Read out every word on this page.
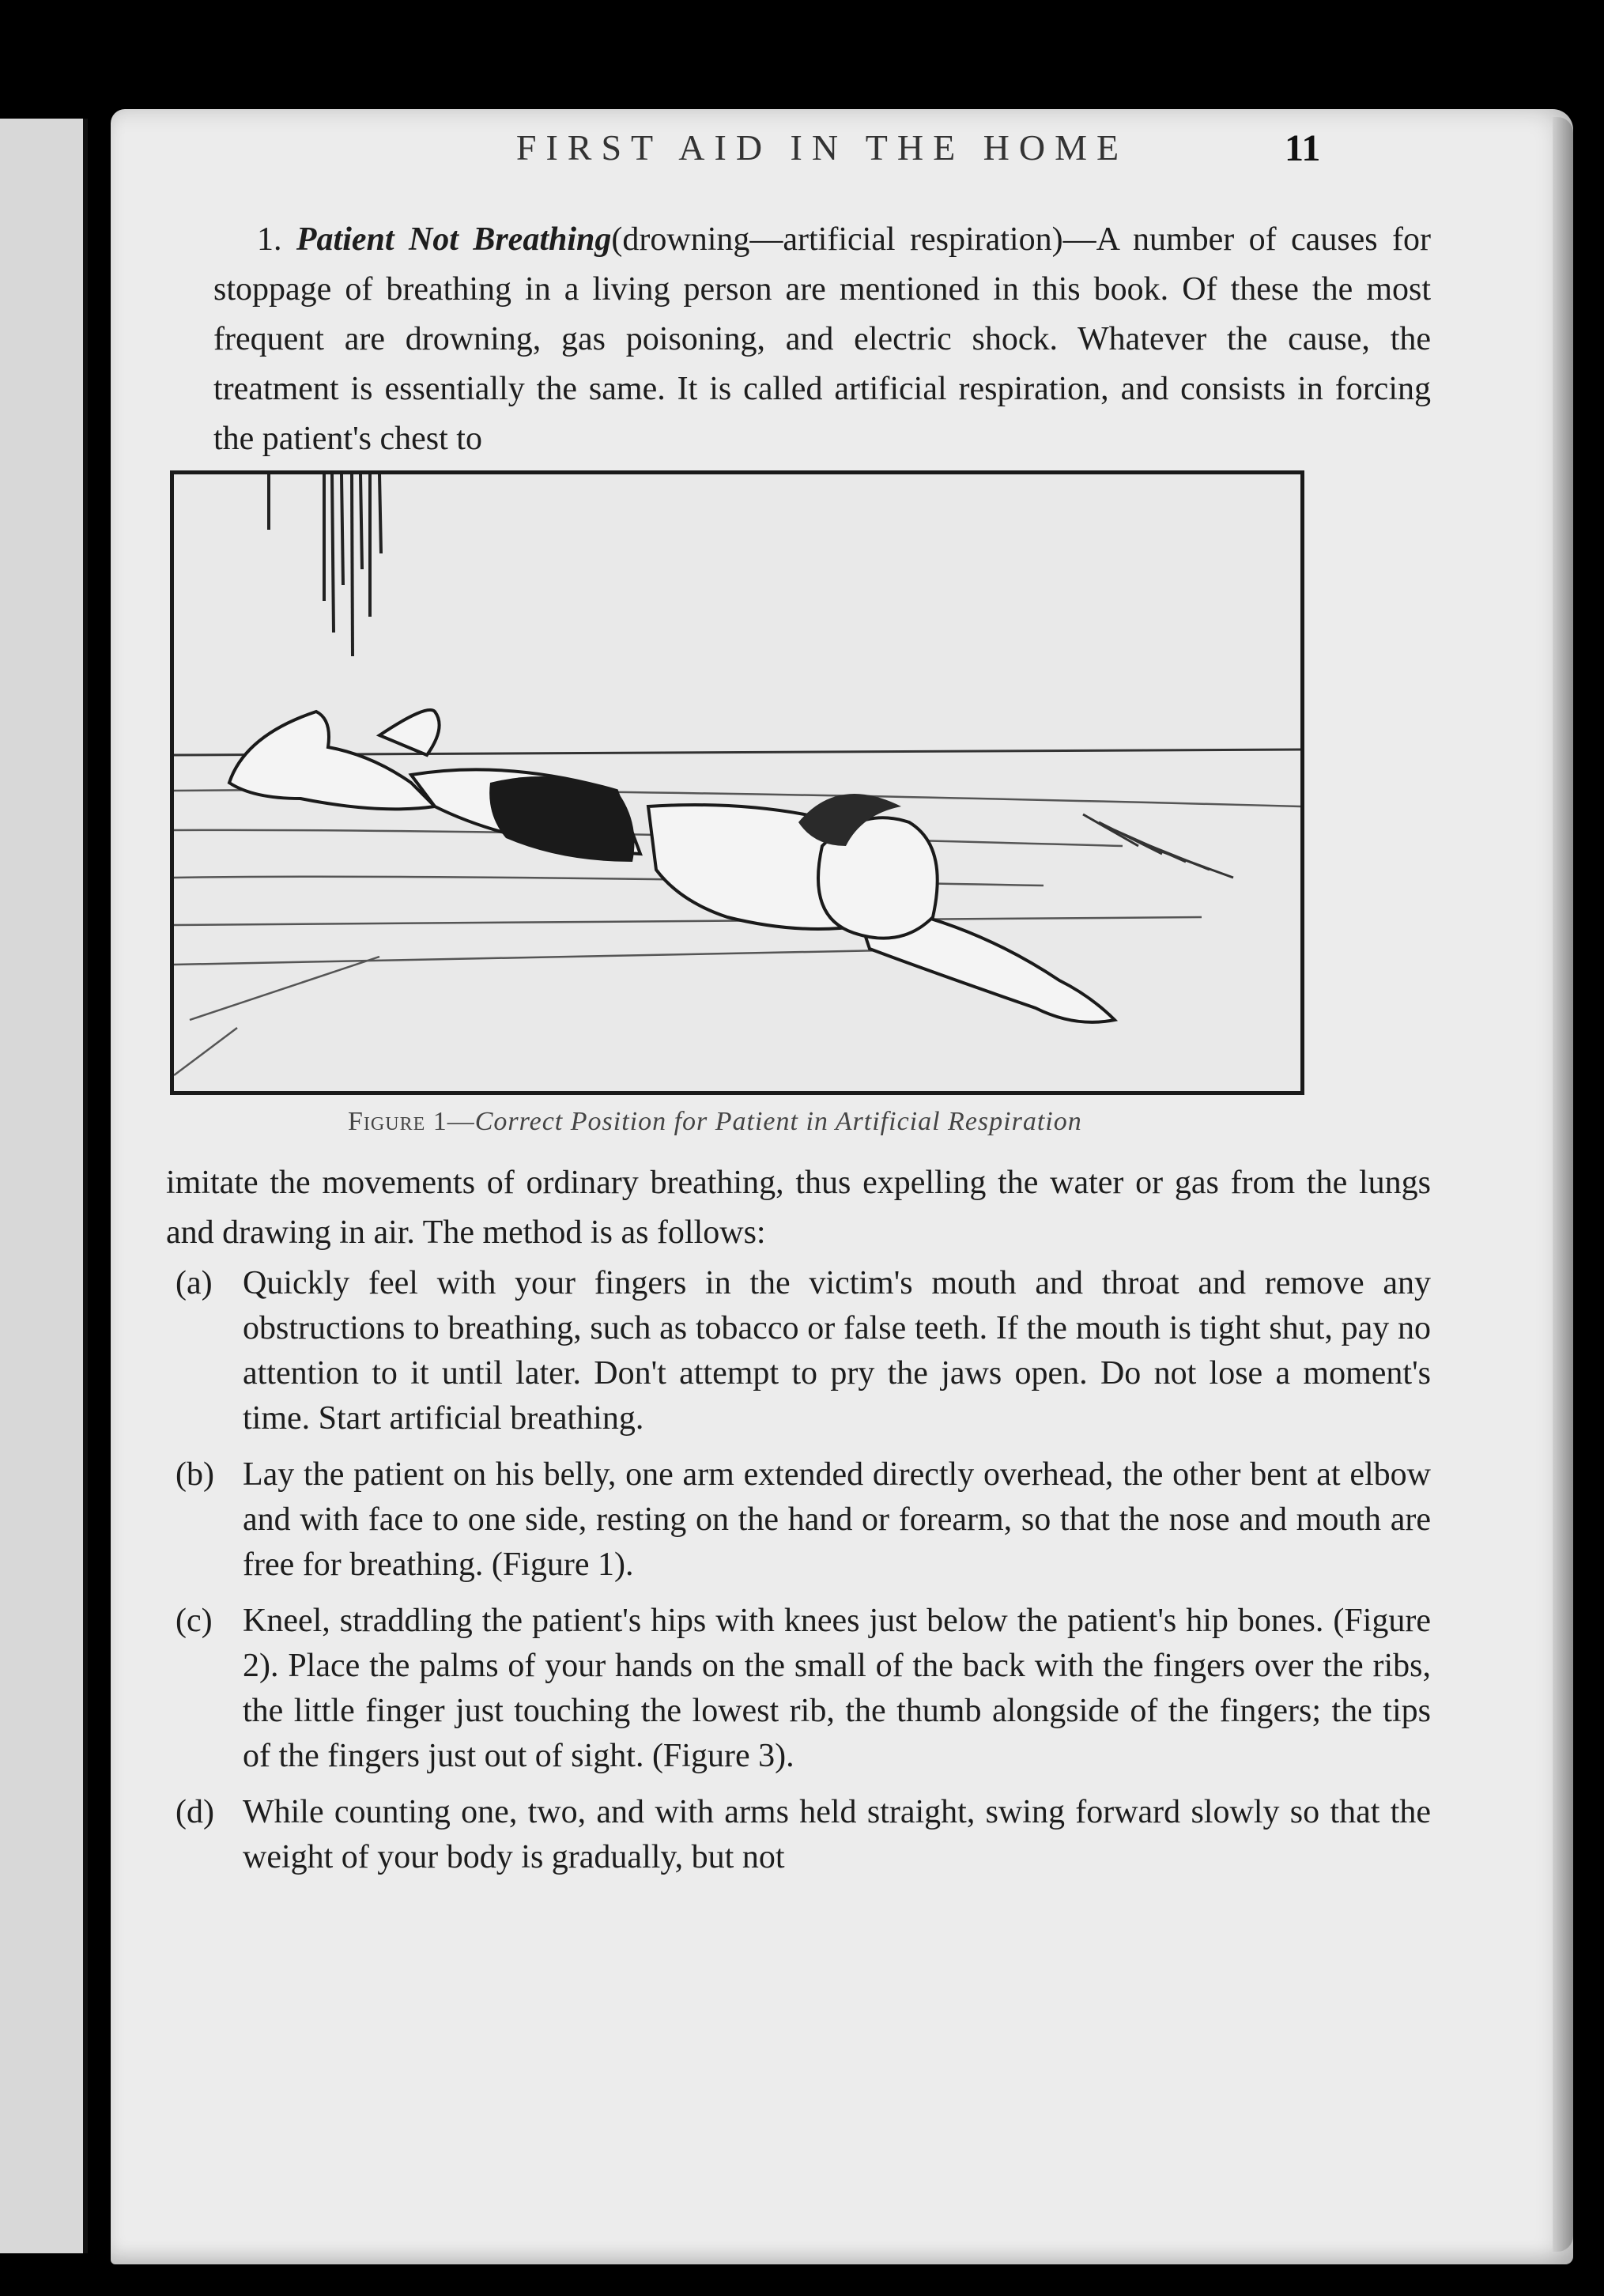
FIRST AID IN THE HOME	11
1. Patient Not Breathing(drowning—artificial respiration)—A number of causes for stoppage of breathing in a living person are mentioned in this book. Of these the most frequent are drowning, gas poisoning, and electric shock. Whatever the cause, the treatment is essentially the same. It is called artificial respiration, and consists in forcing the patient's chest to
Figure 1—Correct Position for Patient in Artificial Respiration
imitate the movements of ordinary breathing, thus expelling the water or gas from the lungs and drawing in air. The method is as follows:
(a) Quickly feel with your fingers in the victim's mouth and throat and remove any obstructions to breathing, such as tobacco or false teeth. If the mouth is tight shut, pay no attention to it until later. Don't attempt to pry the jaws open. Do not lose a moment's time. Start artificial breathing.
(b) Lay the patient on his belly, one arm extended directly overhead, the other bent at elbow and with face to one side, resting on the hand or forearm, so that the nose and mouth are free for breathing. (Figure 1).
(c) Kneel, straddling the patient's hips with knees just below the patient's hip bones. (Figure 2). Place the palms of your hands on the small of the back with the fingers over the ribs, the little finger just touching the lowest rib, the thumb alongside of the fingers; the tips of the fingers just out of sight. (Figure 3).
(d) While counting one, two, and with arms held straight, swing forward slowly so that the weight of your body is gradually, but not
